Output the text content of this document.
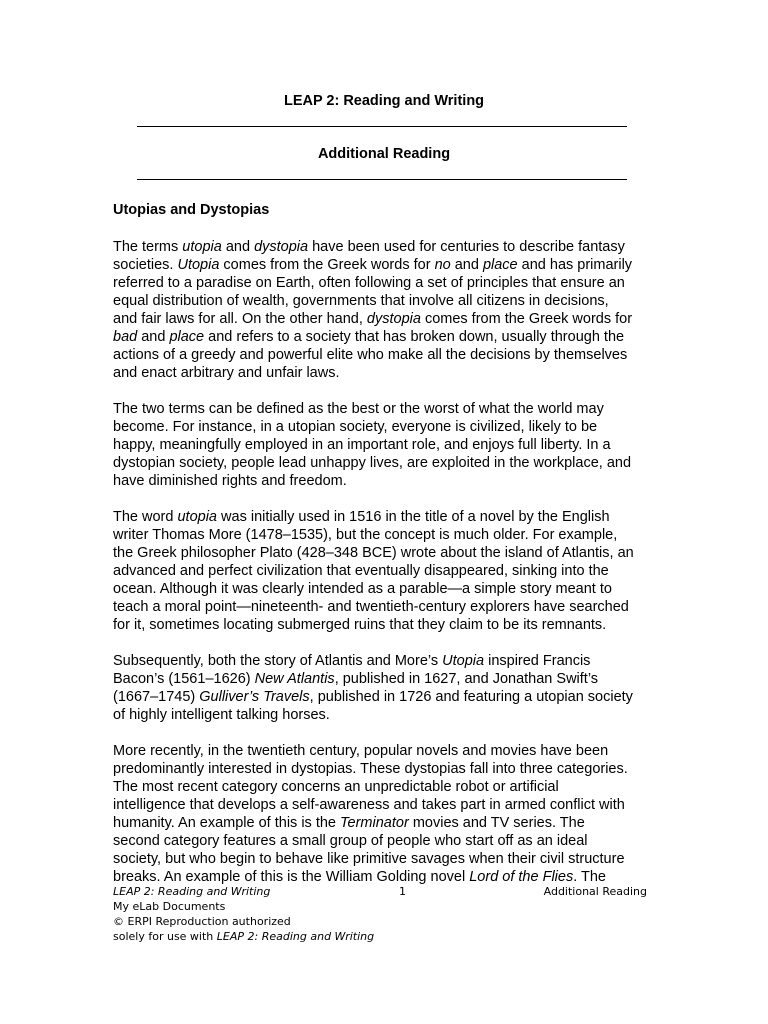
LEAP 2: Reading and Writing
Additional Reading
Utopias and Dystopias

The terms utopia and dystopia have been used for centuries to describe fantasy
societies. Utopia comes from the Greek words for no and place and has primarily
referred to a paradise on Earth, often following a set of principles that ensure an
equal distribution of wealth, governments that involve all citizens in decisions,
and fair laws for all. On the other hand, dystopia comes from the Greek words for
bad and place and refers to a society that has broken down, usually through the
actions of a greedy and powerful elite who make all the decisions by themselves
and enact arbitrary and unfair laws.

The two terms can be defined as the best or the worst of what the world may
become. For instance, in a utopian society, everyone is civilized, likely to be
happy, meaningfully employed in an important role, and enjoys full liberty. In a
dystopian society, people lead unhappy lives, are exploited in the workplace, and
have diminished rights and freedom.

The word utopia was initially used in 1516 in the title of a novel by the English
writer Thomas More (1478–1535), but the concept is much older. For example,
the Greek philosopher Plato (428–348 BCE) wrote about the island of Atlantis, an
advanced and perfect civilization that eventually disappeared, sinking into the
ocean. Although it was clearly intended as a parable—a simple story meant to
teach a moral point—nineteenth- and twentieth-century explorers have searched
for it, sometimes locating submerged ruins that they claim to be its remnants.

Subsequently, both the story of Atlantis and More’s Utopia inspired Francis
Bacon’s (1561–1626) New Atlantis, published in 1627, and Jonathan Swift’s
(1667–1745) Gulliver’s Travels, published in 1726 and featuring a utopian society
of highly intelligent talking horses.

More recently, in the twentieth century, popular novels and movies have been
predominantly interested in dystopias. These dystopias fall into three categories.
The most recent category concerns an unpredictable robot or artificial
intelligence that develops a self-awareness and takes part in armed conflict with
humanity. An example of this is the Terminator movies and TV series. The
second category features a small group of people who start off as an ideal
society, but who begin to behave like primitive savages when their civil structure
breaks. An example of this is the William Golding novel Lord of the Flies. The

LEAP 2: Reading and Writing	1	Additional Reading
My eLab Documents
© ERPI Reproduction authorized
solely for use with LEAP 2: Reading and Writing
